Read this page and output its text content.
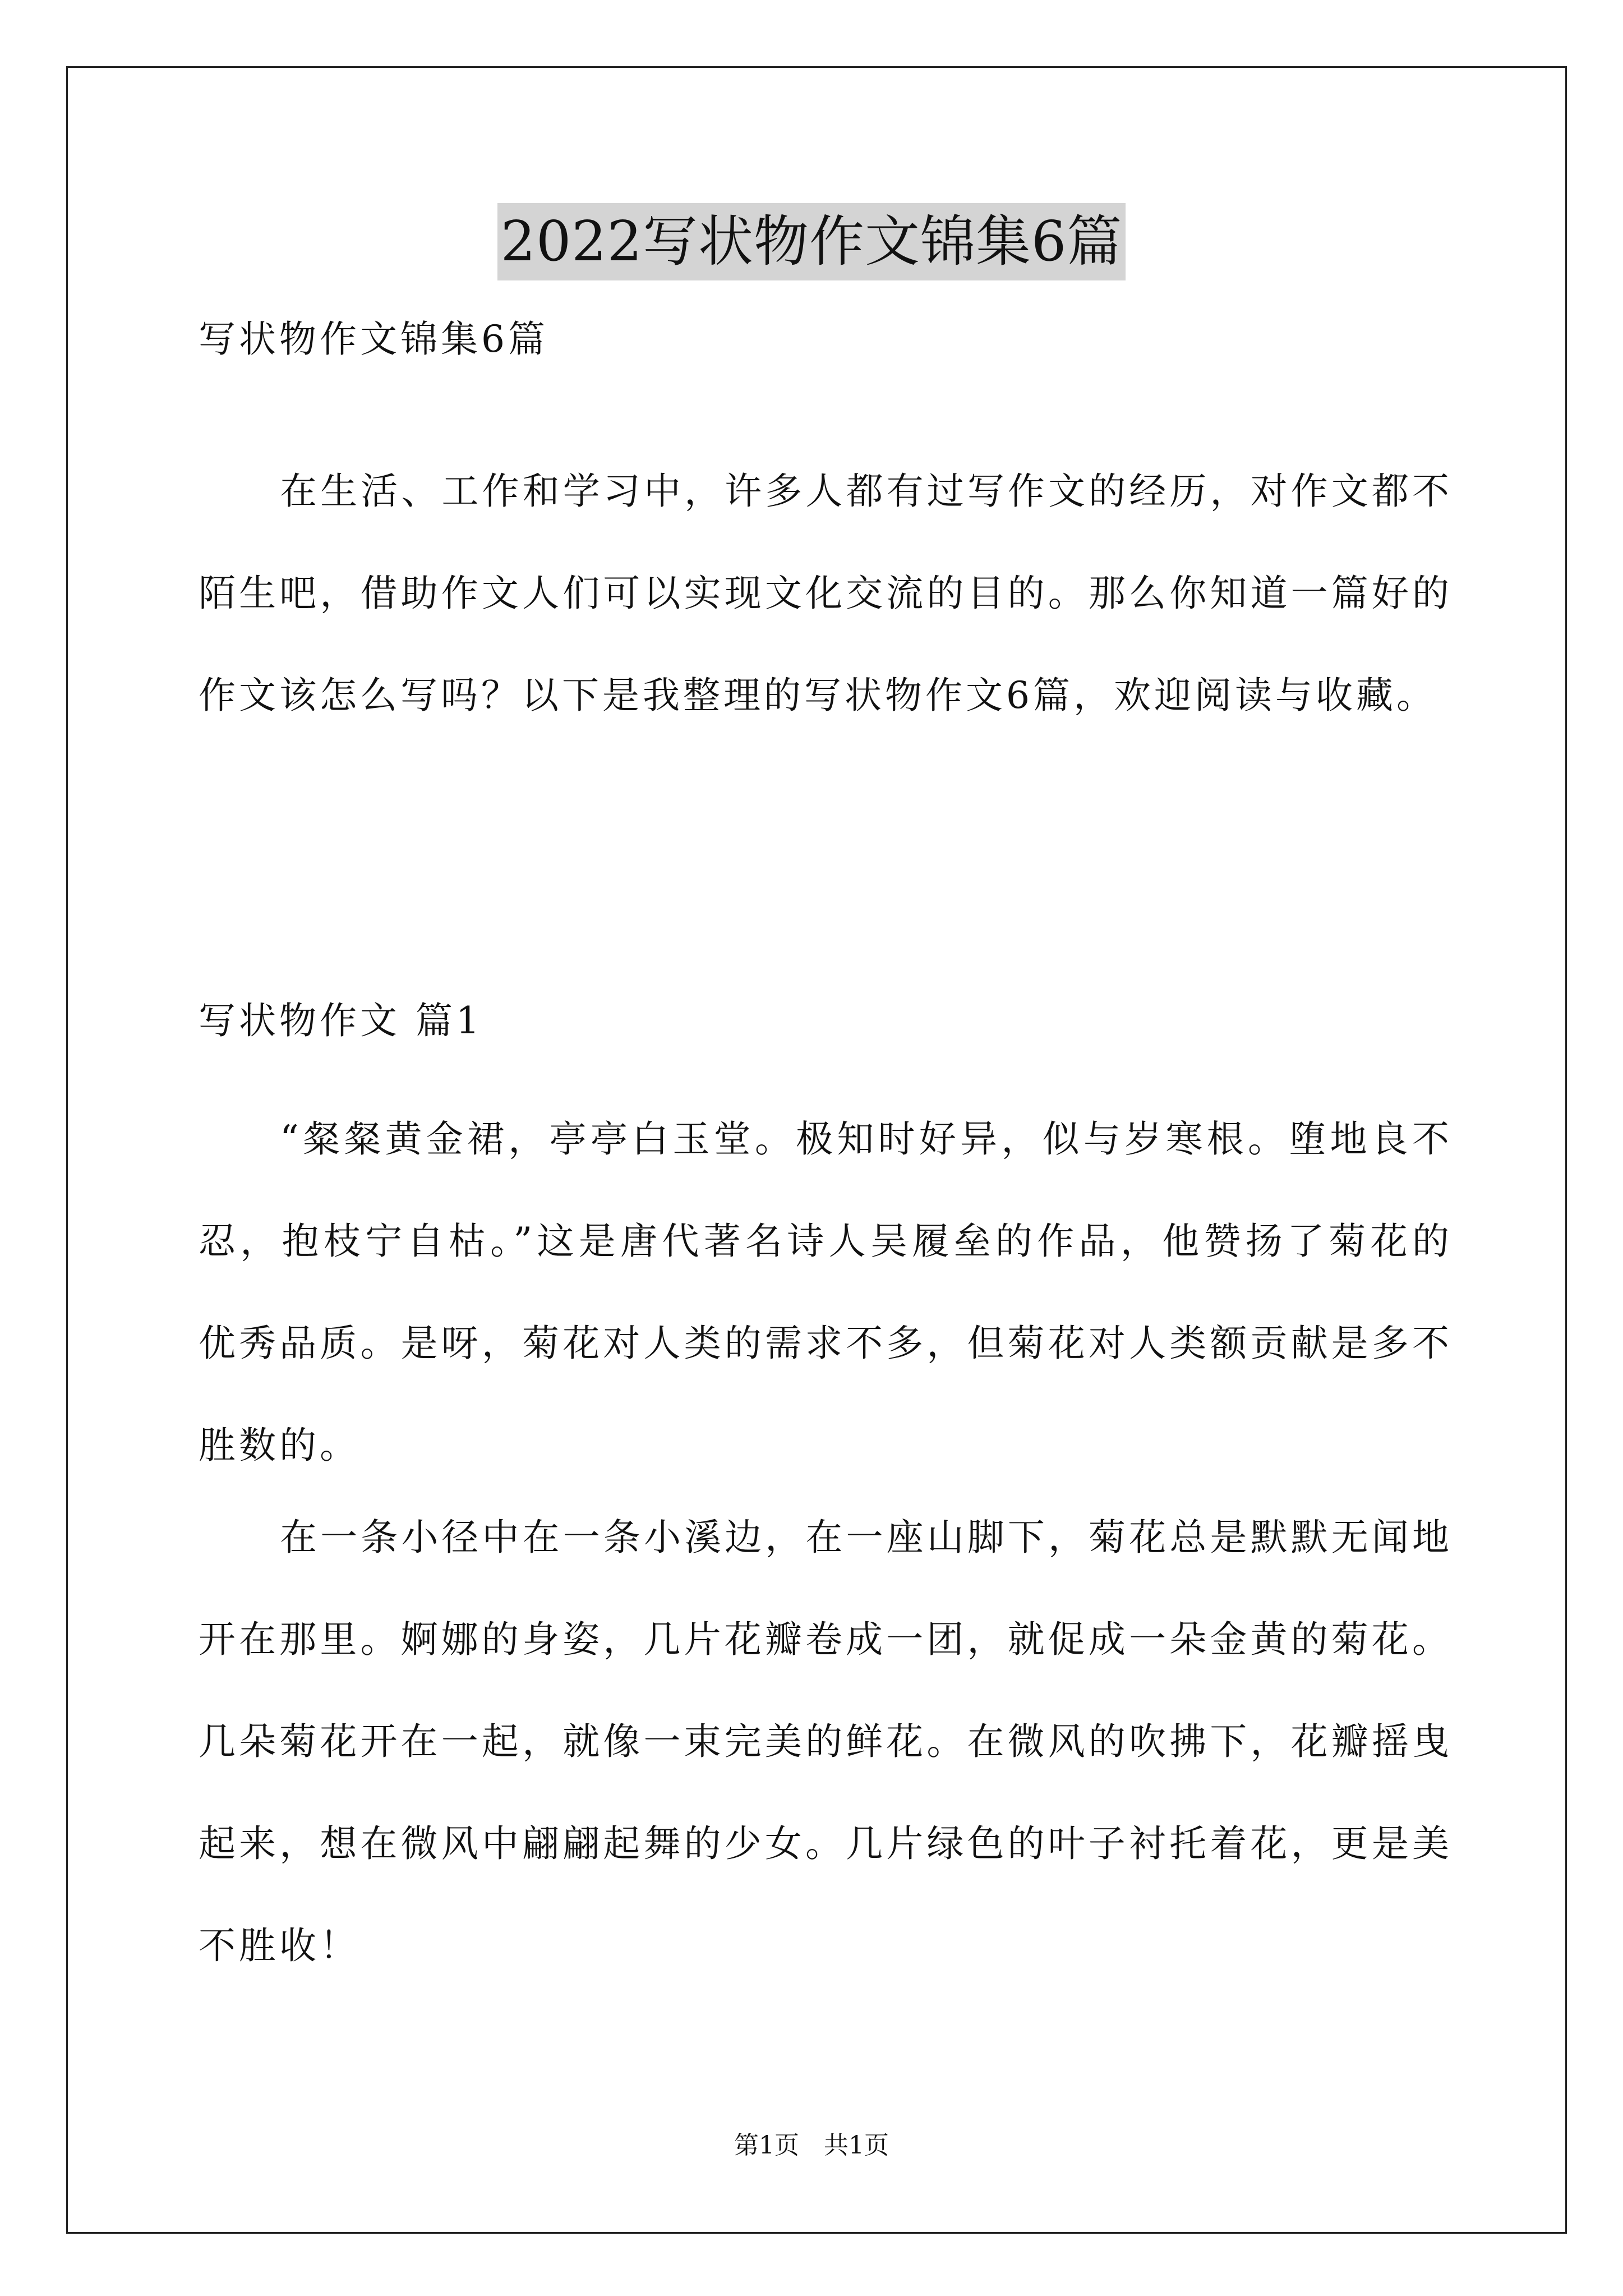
2022写状物作文锦集6篇
写状物作文锦集6篇
在生活、工作和学习中，许多人都有过写作文的经历，对作文都不陌生吧，借助作文人们可以实现文化交流的目的。那么你知道一篇好的作文该怎么写吗？以下是我整理的写状物作文6篇，欢迎阅读与收藏。
写状物作文 篇1
“粲粲黄金裙，亭亭白玉堂。极知时好异，似与岁寒根。堕地良不忍，抱枝宁自枯。”这是唐代著名诗人吴履垒的作品，他赞扬了菊花的优秀品质。是呀，菊花对人类的需求不多，但菊花对人类额贡献是多不胜数的。
在一条小径中在一条小溪边，在一座山脚下，菊花总是默默无闻地开在那里。婀娜的身姿，几片花瓣卷成一团，就促成一朵金黄的菊花。几朵菊花开在一起，就像一束完美的鲜花。在微风的吹拂下，花瓣摇曳起来，想在微风中翩翩起舞的少女。几片绿色的叶子衬托着花，更是美不胜收！
第1页　共1页
